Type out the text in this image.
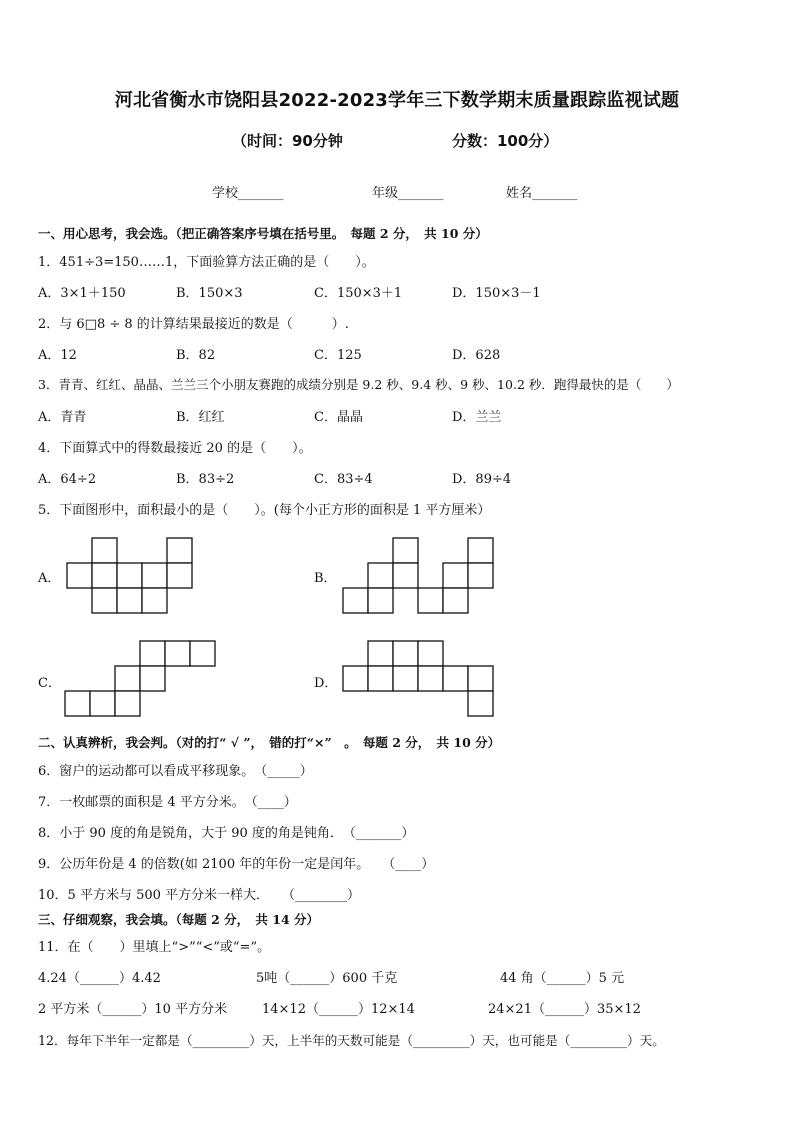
河北省衡水市饶阳县2022-2023学年三下数学期末质量跟踪监视试题
（时间：90分钟	分数：100分）
学校_______	年级_______	姓名_______
一、用心思考，我会选。（把正确答案序号填在括号里。　每题 2 分，　共 10 分）
1．451÷3=150……1，下面验算方法正确的是（　　）。
A．3×1＋150	B．150×3	C．150×3＋1	D．150×3－1
2．与 6□8 ÷ 8 的计算结果最接近的数是（　　　）.
A．12	B．82	C．125	D．628
3．青青、红红、晶晶、兰兰三个小朋友赛跑的成绩分别是 9.2 秒、9.4 秒、9 秒、10.2 秒．跑得最快的是（　　）
A．青青	B．红红	C．晶晶	D．兰兰
4．下面算式中的得数最接近 20 的是（　　）。
A．64÷2	B．83÷2	C．83÷4	D．89÷4
5．下面图形中，面积最小的是（　　）。(每个小正方形的面积是 1 平方厘米）
A．	B．
C．	D．
二、认真辨析，我会判。（对的打“ √ ”，　错的打“×”　。　每题 2 分，　共 10 分）
6．窗户的运动都可以看成平移现象。　（_____）
7．一枚邮票的面积是 4 平方分米。　（____）
8．小于 90 度的角是锐角，大于 90 度的角是钝角．　（_______）
9．公历年份是 4 的倍数(如 2100 年的年份一定是闰年。　　（____）
10．5 平方米与 500 平方分米一样大．　　（________）
三、仔细观察，我会填。（每题 2 分，　共 14 分）
11．在（　　）里填上“>”“<”或“=”。
4.24（______）4.42	5吨（______）600 千克	44 角（______）5 元
2 平方米（______）10 平方分米	14×12（______）12×14	24×21（______）35×12
12．每年下半年一定都是（_________）天，上半年的天数可能是（_________）天，也可能是（_________）天。
